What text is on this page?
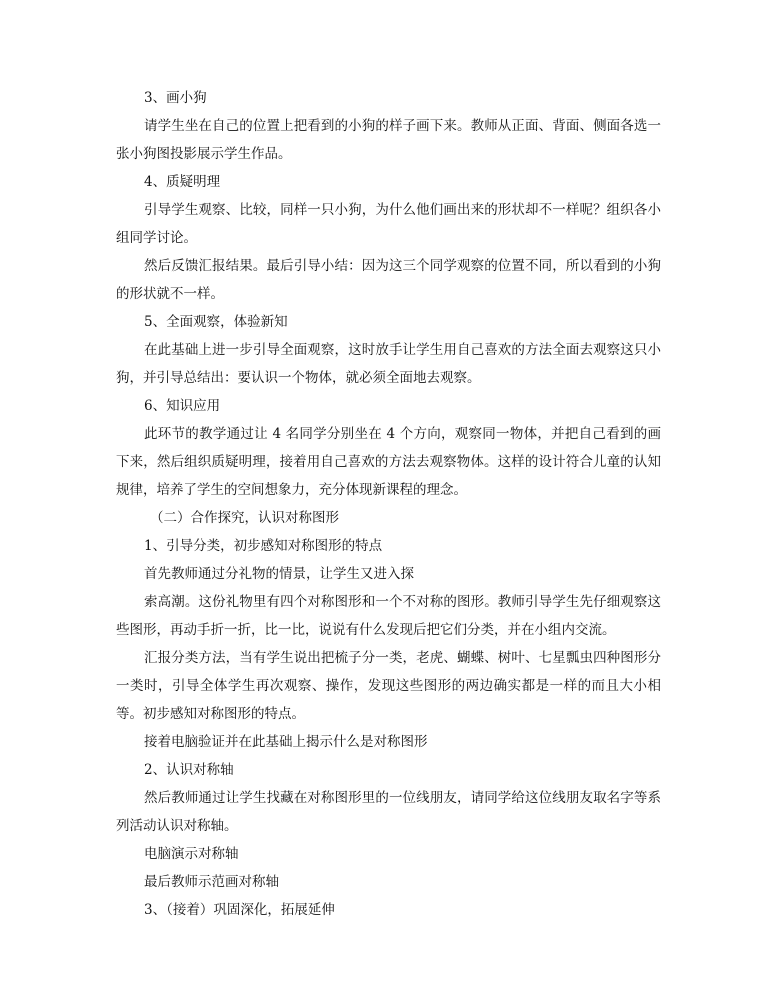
3、画小狗

请学生坐在自己的位置上把看到的小狗的样子画下来。教师从正面、背面、侧面各选一张小狗图投影展示学生作品。

4、质疑明理

引导学生观察、比较，同样一只小狗，为什么他们画出来的形状却不一样呢？组织各小组同学讨论。

然后反馈汇报结果。最后引导小结：因为这三个同学观察的位置不同，所以看到的小狗的形状就不一样。

5、全面观察，体验新知

在此基础上进一步引导全面观察，这时放手让学生用自己喜欢的方法全面去观察这只小狗，并引导总结出：要认识一个物体，就必须全面地去观察。

6、知识应用

此环节的教学通过让 4 名同学分别坐在 4 个方向，观察同一物体，并把自己看到的画下来，然后组织质疑明理，接着用自己喜欢的方法去观察物体。这样的设计符合儿童的认知规律，培养了学生的空间想象力，充分体现新课程的理念。

（二）合作探究，认识对称图形

1、引导分类，初步感知对称图形的特点

首先教师通过分礼物的情景，让学生又进入探

索高潮。这份礼物里有四个对称图形和一个不对称的图形。教师引导学生先仔细观察这些图形，再动手折一折，比一比，说说有什么发现后把它们分类，并在小组内交流。

汇报分类方法，当有学生说出把梳子分一类，老虎、蝴蝶、树叶、七星瓢虫四种图形分一类时，引导全体学生再次观察、操作，发现这些图形的两边确实都是一样的而且大小相等。初步感知对称图形的特点。

接着电脑验证并在此基础上揭示什么是对称图形

2、认识对称轴

然后教师通过让学生找藏在对称图形里的一位线朋友，请同学给这位线朋友取名字等系列活动认识对称轴。

电脑演示对称轴

最后教师示范画对称轴

3、（接着）巩固深化，拓展延伸
